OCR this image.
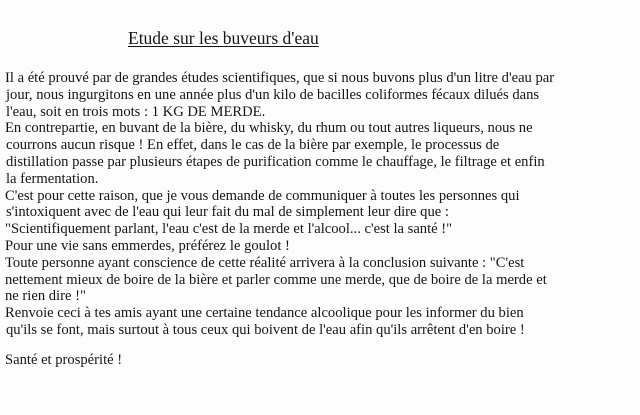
Etude sur les buveurs d'eau
Il a été prouvé par de grandes études scientifiques, que si nous buvons plus d'un litre d'eau par
jour, nous ingurgitons en une année plus d'un kilo de bacilles coliformes fécaux dilués dans
l'eau, soit en trois mots : 1 KG DE MERDE.
En contrepartie, en buvant de la bière, du whisky, du rhum ou tout autres liqueurs, nous ne
courrons aucun risque ! En effet, dans le cas de la bière par exemple, le processus de
distillation passe par plusieurs étapes de purification comme le chauffage, le filtrage et enfin
la fermentation.
C'est pour cette raison, que je vous demande de communiquer à toutes les personnes qui
s'intoxiquent avec de l'eau qui leur fait du mal de simplement leur dire que :
"Scientifiquement parlant, l'eau c'est de la merde et l'alcool... c'est la santé !"
Pour une vie sans emmerdes, préférez le goulot !
Toute personne ayant conscience de cette réalité arrivera à la conclusion suivante : "C'est
nettement mieux de boire de la bière et parler comme une merde, que de boire de la merde et
ne rien dire !"
Renvoie ceci à tes amis ayant une certaine tendance alcoolique pour les informer du bien
qu'ils se font, mais surtout à tous ceux qui boivent de l'eau afin qu'ils arrêtent d'en boire !
Santé et prospérité !
